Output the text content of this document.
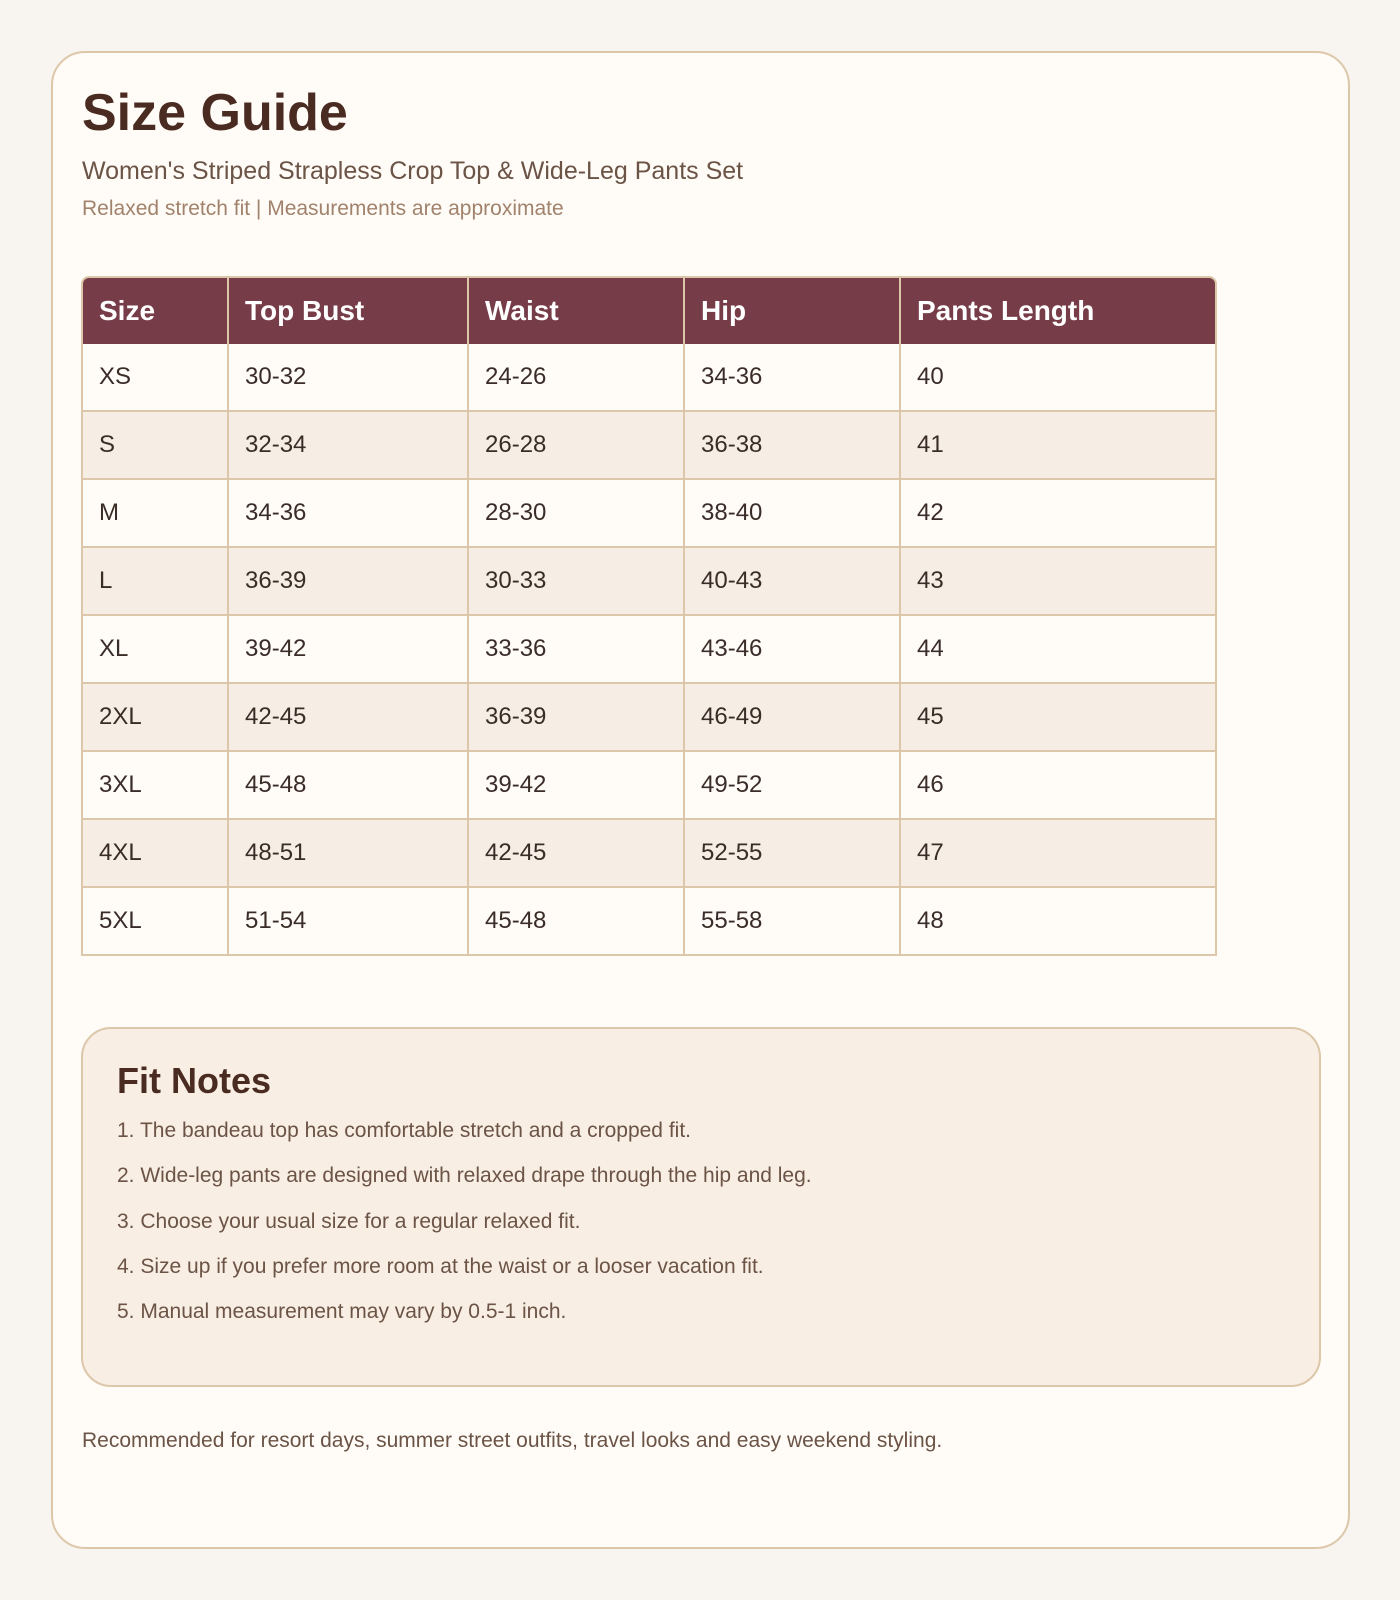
Size Guide
Women's Striped Strapless Crop Top & Wide-Leg Pants Set
Relaxed stretch fit | Measurements are approximate
Size	Top Bust	Waist	Hip	Pants Length
XS	30-32	24-26	34-36	40
S	32-34	26-28	36-38	41
M	34-36	28-30	38-40	42
L	36-39	30-33	40-43	43
XL	39-42	33-36	43-46	44
2XL	42-45	36-39	46-49	45
3XL	45-48	39-42	49-52	46
4XL	48-51	42-45	52-55	47
5XL	51-54	45-48	55-58	48
Fit Notes
1. The bandeau top has comfortable stretch and a cropped fit.
2. Wide-leg pants are designed with relaxed drape through the hip and leg.
3. Choose your usual size for a regular relaxed fit.
4. Size up if you prefer more room at the waist or a looser vacation fit.
5. Manual measurement may vary by 0.5-1 inch.
Recommended for resort days, summer street outfits, travel looks and easy weekend styling.
